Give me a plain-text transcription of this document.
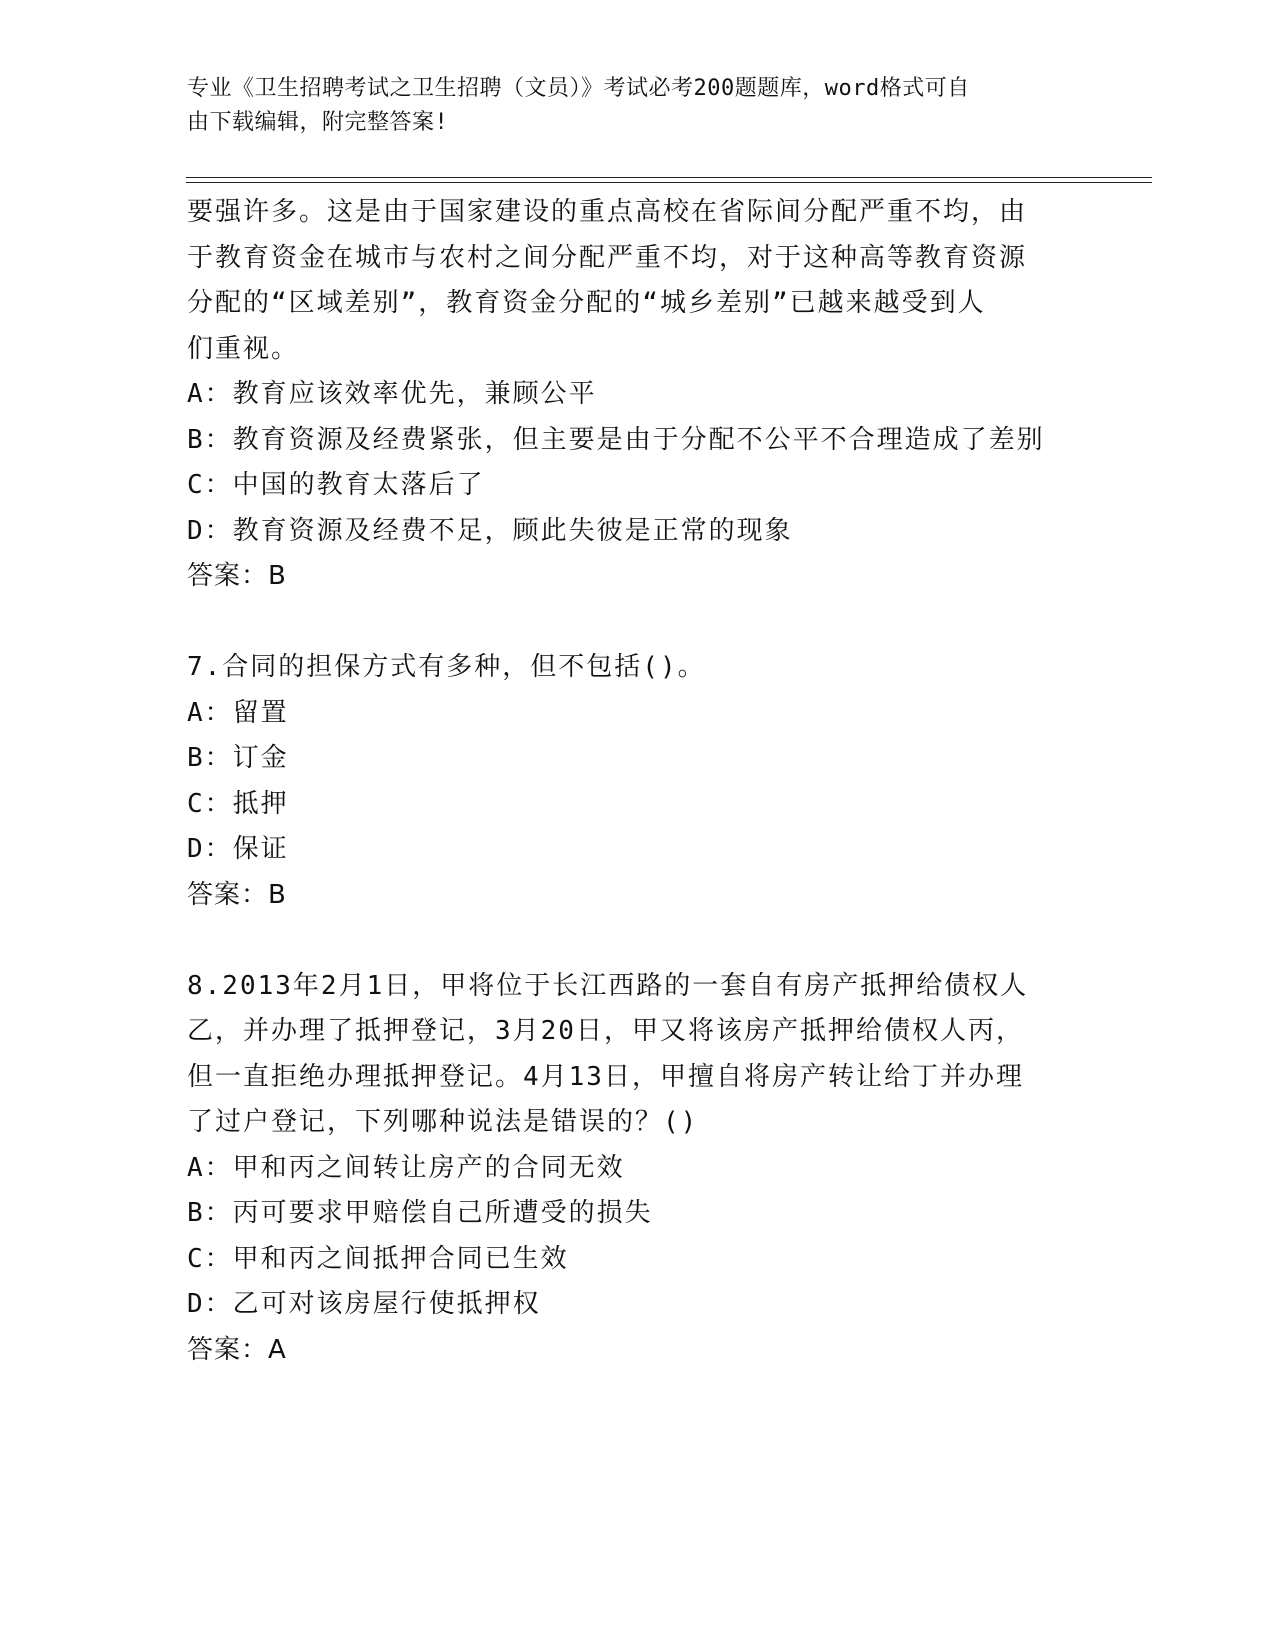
专业《卫生招聘考试之卫生招聘（文员）》考试必考200题题库，word格式可自
由下载编辑，附完整答案!
要强许多。这是由于国家建设的重点高校在省际间分配严重不均，由
于教育资金在城市与农村之间分配严重不均，对于这种高等教育资源
分配的“区域差别”，教育资金分配的“城乡差别”已越来越受到人
们重视。
A：教育应该效率优先，兼顾公平
B：教育资源及经费紧张，但主要是由于分配不公平不合理造成了差别
C：中国的教育太落后了
D：教育资源及经费不足，顾此失彼是正常的现象
答案：B
7.合同的担保方式有多种，但不包括()。
A：留置
B：订金
C：抵押
D：保证
答案：B
8.2013年2月1日，甲将位于长江西路的一套自有房产抵押给债权人
乙，并办理了抵押登记，3月20日，甲又将该房产抵押给债权人丙，
但一直拒绝办理抵押登记。4月13日，甲擅自将房产转让给丁并办理
了过户登记，下列哪种说法是错误的？()
A：甲和丙之间转让房产的合同无效
B：丙可要求甲赔偿自己所遭受的损失
C：甲和丙之间抵押合同已生效
D：乙可对该房屋行使抵押权
答案：A
